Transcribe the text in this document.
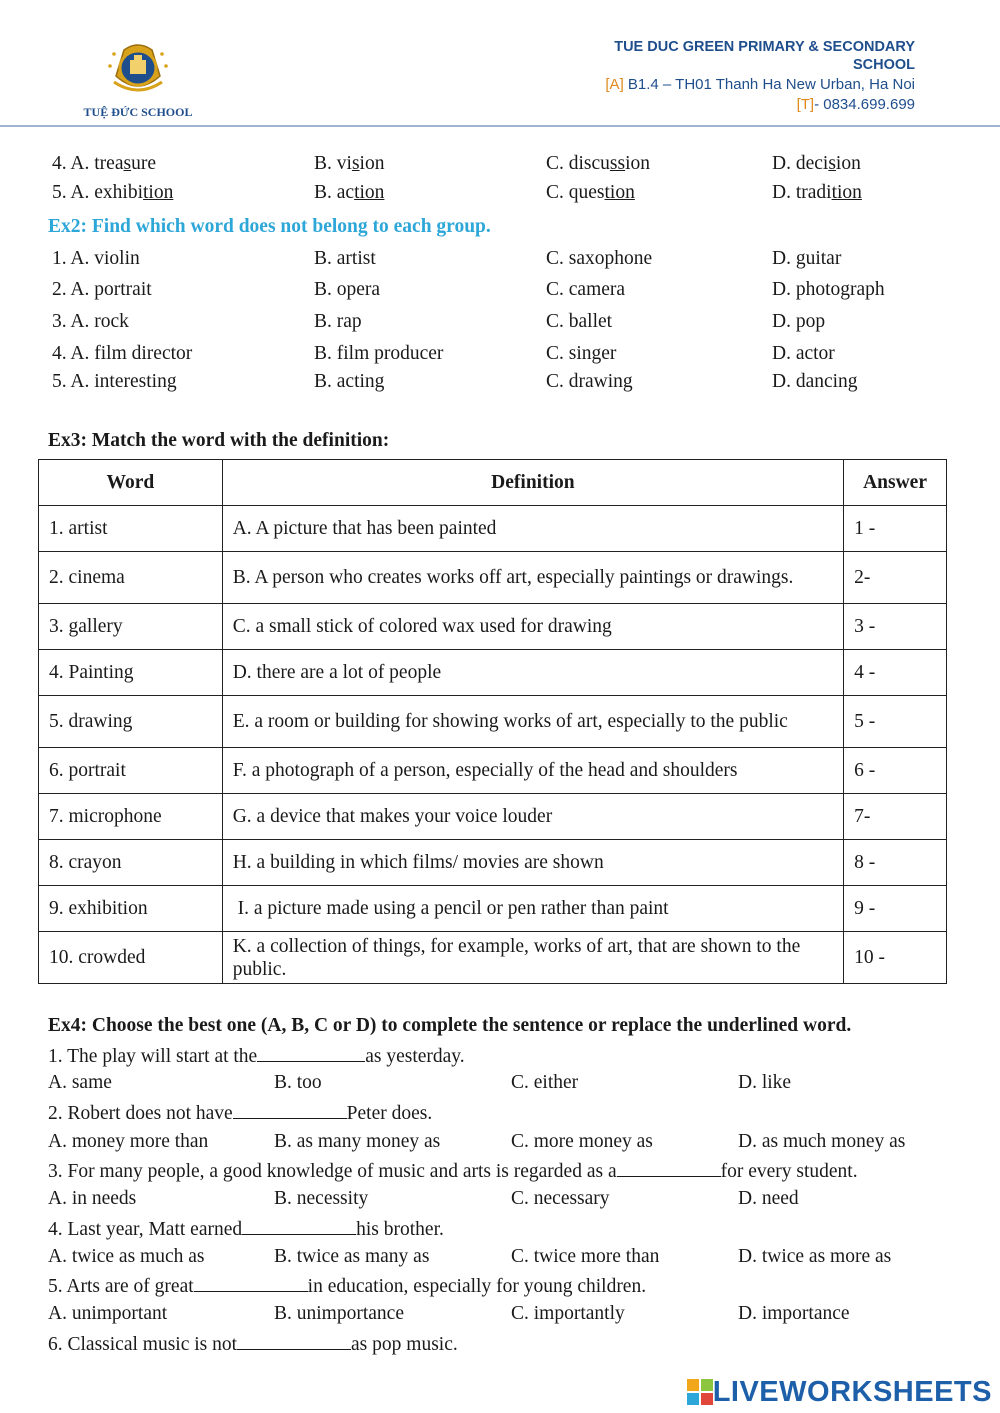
TUỆ ĐỨC SCHOOL
TUE DUC GREEN PRIMARY & SECONDARY
SCHOOL
[A] B1.4 – TH01 Thanh Ha New Urban, Ha Noi
[T]- 0834.699.699
4. A. treasure	B. vision	C. discussion	D. decision
5. A. exhibition	B. action	C. question	D. tradition
Ex2: Find which word does not belong to each group.
1. A. violin	B. artist	C. saxophone	D. guitar
2. A. portrait	B. opera	C. camera	D. photograph
3. A. rock	B. rap	C. ballet	D. pop
4. A. film director	B. film producer	C. singer	D. actor
5. A. interesting	B. acting	C. drawing	D. dancing
Ex3: Match the word with the definition:
Word	Definition	Answer
1. artist	A. A picture that has been painted	1 -
2. cinema	B. A person who creates works off art, especially paintings or drawings.	2-
3. gallery	C. a small stick of colored wax used for drawing	3 -
4. Painting	D. there are a lot of people	4 -
5. drawing	E. a room or building for showing works of art, especially to the public	5 -
6. portrait	F. a photograph of a person, especially of the head and shoulders	6 -
7. microphone	G. a device that makes your voice louder	7-
8. crayon	H. a building in which films/ movies are shown	8 -
9. exhibition	I. a picture made using a pencil or pen rather than paint	9 -
10. crowded	K. a collection of things, for example, works of art, that are shown to the public.	10 -
Ex4: Choose the best one (A, B, C or D) to complete the sentence or replace the underlined word.
1. The play will start at the	as yesterday.
A. same	B. too	C. either	D. like
2. Robert does not have	Peter does.
A. money more than	B. as many money as	C. more money as	D. as much money as
3. For many people, a good knowledge of music and arts is regarded as a	for every student.
A. in needs	B. necessity	C. necessary	D. need
4. Last year, Matt earned	his brother.
A. twice as much as	B. twice as many as	C. twice more than	D. twice as more as
5. Arts are of great	in education, especially for young children.
A. unimportant	B. unimportance	C. importantly	D. importance
6. Classical music is not	as pop music.
LIVEWORKSHEETS
